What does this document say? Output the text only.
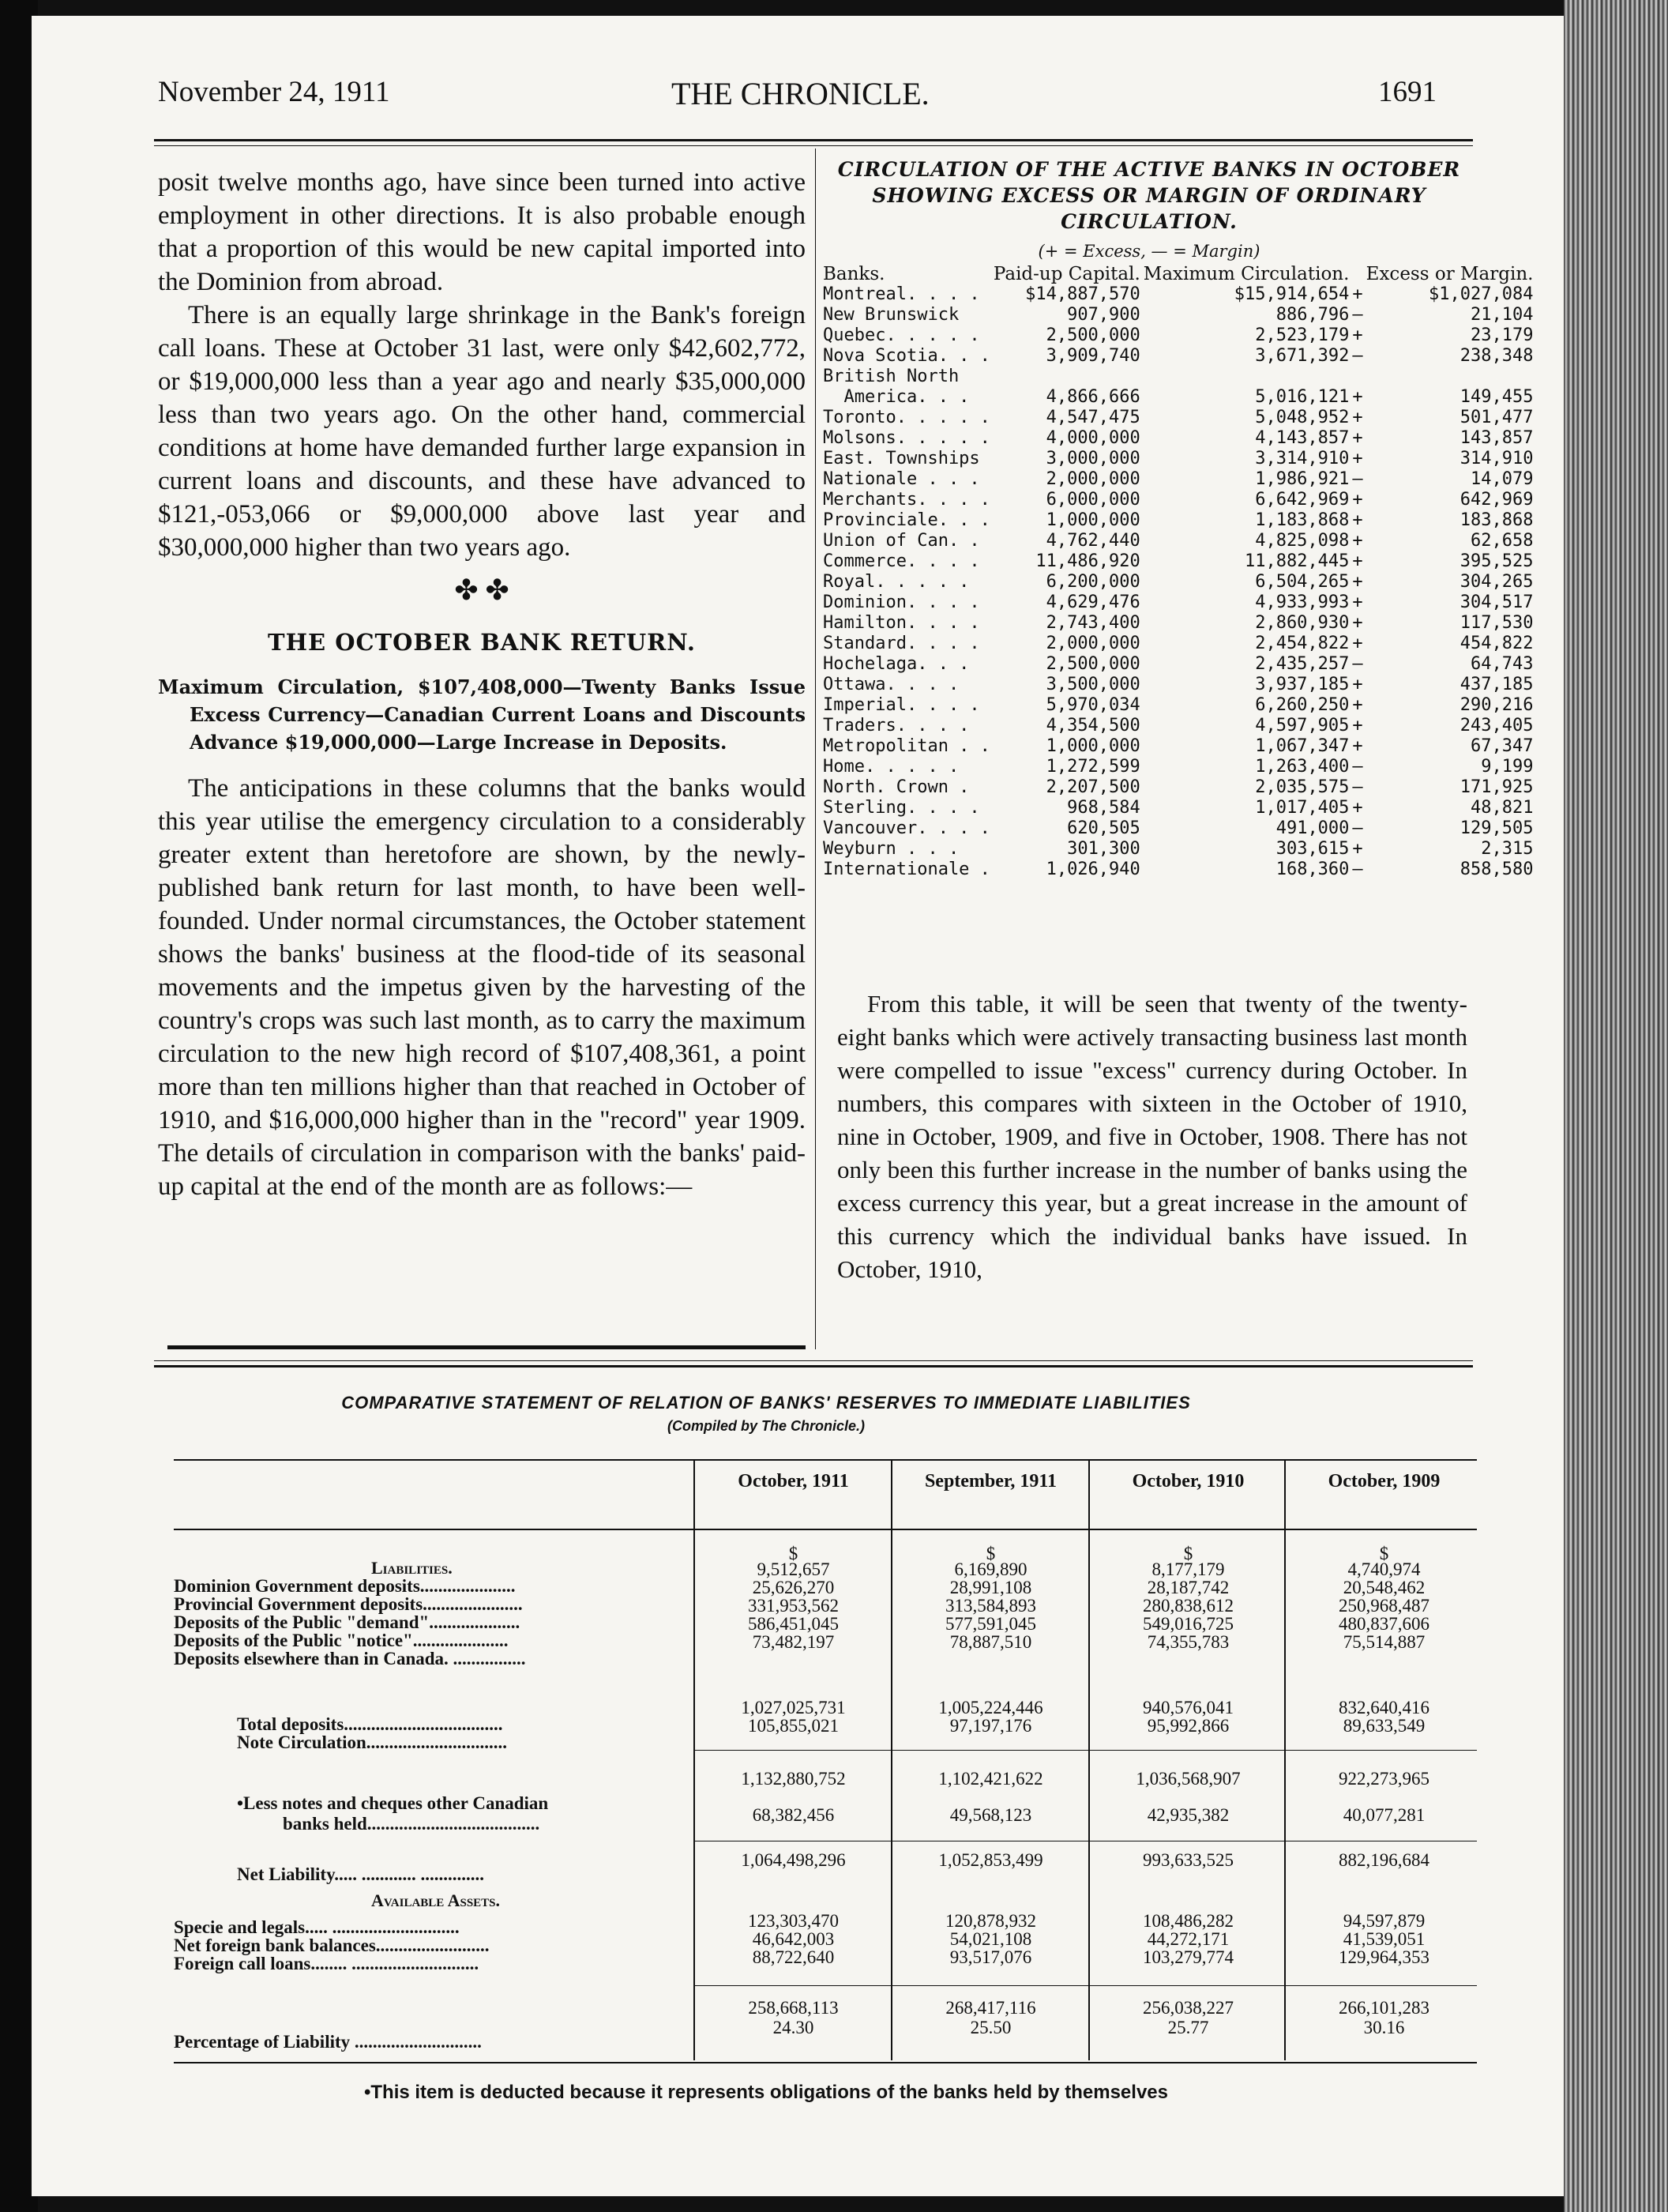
November 24, 1911	THE CHRONICLE.	1691

posit twelve months ago, have since been turned into active employment in other directions. It is also probable enough that a proportion of this would be new capital imported into the Dominion from abroad.

There is an equally large shrinkage in the Bank's foreign call loans. These at October 31 last, were only $42,602,772, or $19,000,000 less than a year ago and nearly $35,000,000 less than two years ago. On the other hand, commercial conditions at home have demanded further large expansion in current loans and discounts, and these have advanced to $121,-053,066 or $9,000,000 above last year and $30,000,000 higher than two years ago.

✤ ✤
THE OCTOBER BANK RETURN.
Maximum Circulation, $107,408,000—Twenty Banks Issue Excess Currency—Canadian Current Loans and Discounts Advance $19,000,000—Large Increase in Deposits.

The anticipations in these columns that the banks would this year utilise the emergency circulation to a considerably greater extent than heretofore are shown, by the newly-published bank return for last month, to have been well-founded. Under normal circumstances, the October statement shows the banks' business at the flood-tide of its seasonal movements and the impetus given by the harvesting of the country's crops was such last month, as to carry the maximum circulation to the new high record of $107,408,361, a point more than ten millions higher than that reached in October of 1910, and $16,000,000 higher than in the "record" year 1909. The details of circulation in comparison with the banks' paid-up capital at the end of the month are as follows:—

CIRCULATION OF THE ACTIVE BANKS IN OCTOBER SHOWING EXCESS OR MARGIN OF ORDINARY CIRCULATION.
(+ = Excess, — = Margin)
Banks.	Paid-up Capital.	Maximum Circulation.		Excess or Margin.
Montreal. . . .	$14,887,570	$15,914,654	+	$1,027,084
New Brunswick	907,900	886,796	—	21,104
Quebec. . . . .	2,500,000	2,523,179	+	23,179
Nova Scotia. . .	3,909,740	3,671,392	—	238,348
British North				
America. . .	4,866,666	5,016,121	+	149,455
Toronto. . . . .	4,547,475	5,048,952	+	501,477
Molsons. . . . .	4,000,000	4,143,857	+	143,857
East. Townships	3,000,000	3,314,910	+	314,910
Nationale . . .	2,000,000	1,986,921	—	14,079
Merchants. . . .	6,000,000	6,642,969	+	642,969
Provinciale. . .	1,000,000	1,183,868	+	183,868
Union of Can. .	4,762,440	4,825,098	+	62,658
Commerce. . . .	11,486,920	11,882,445	+	395,525
Royal. . . . .	6,200,000	6,504,265	+	304,265
Dominion. . . .	4,629,476	4,933,993	+	304,517
Hamilton. . . .	2,743,400	2,860,930	+	117,530
Standard. . . .	2,000,000	2,454,822	+	454,822
Hochelaga. . .	2,500,000	2,435,257	—	64,743
Ottawa. . . .	3,500,000	3,937,185	+	437,185
Imperial. . . .	5,970,034	6,260,250	+	290,216
Traders. . . .	4,354,500	4,597,905	+	243,405
Metropolitan . .	1,000,000	1,067,347	+	67,347
Home. . . . .	1,272,599	1,263,400	—	9,199
North. Crown .	2,207,500	2,035,575	—	171,925
Sterling. . . .	968,584	1,017,405	+	48,821
Vancouver. . . .	620,505	491,000	—	129,505
Weyburn . . .	301,300	303,615	+	2,315
Internationale .	1,026,940	168,360	—	858,580

From this table, it will be seen that twenty of the twenty-eight banks which were actively transacting business last month were compelled to issue "excess" currency during October. In numbers, this compares with sixteen in the October of 1910, nine in October, 1909, and five in October, 1908. There has not only been this further increase in the number of banks using the excess currency this year, but a great increase in the amount of this currency which the individual banks have issued. In October, 1910,

COMPARATIVE STATEMENT OF RELATION OF BANKS' RESERVES TO IMMEDIATE LIABILITIES
(Compiled by The Chronicle.)
October, 1911	September, 1911	October, 1910	October, 1909
$	$	$	$
Liabilities.
Dominion Government deposits.....................
9,512,657	6,169,890	8,177,179	4,740,974
Provincial Government deposits......................
25,626,270	28,991,108	28,187,742	20,548,462
Deposits of the Public "demand"....................
331,953,562	313,584,893	280,838,612	250,968,487
Deposits of the Public "notice".....................
586,451,045	577,591,045	549,016,725	480,837,606
Deposits elsewhere than in Canada. ................
73,482,197	78,887,510	74,355,783	75,514,887
Total deposits...................................
1,027,025,731	1,005,224,446	940,576,041	832,640,416
Note Circulation...............................
105,855,021	97,197,176	95,992,866	89,633,549
1,132,880,752	1,102,421,622	1,036,568,907	922,273,965
•Less notes and cheques other Canadian
banks held......................................	68,382,456	49,568,123	42,935,382	40,077,281
Net Liability..... ............ ..............
1,064,498,296	1,052,853,499	993,633,525	882,196,684
Available Assets.
Specie and legals..... ............................	123,303,470	120,878,932	108,486,282	94,597,879
Net foreign bank balances.........................	46,642,003	54,021,108	44,272,171	41,539,051
Foreign call loans........ ............................	88,722,640	93,517,076	103,279,774	129,964,353
258,668,113	268,417,116	256,038,227	266,101,283
Percentage of Liability ............................
24.30	25.50	25.77	30.16
•This item is deducted because it represents obligations of the banks held by themselves
